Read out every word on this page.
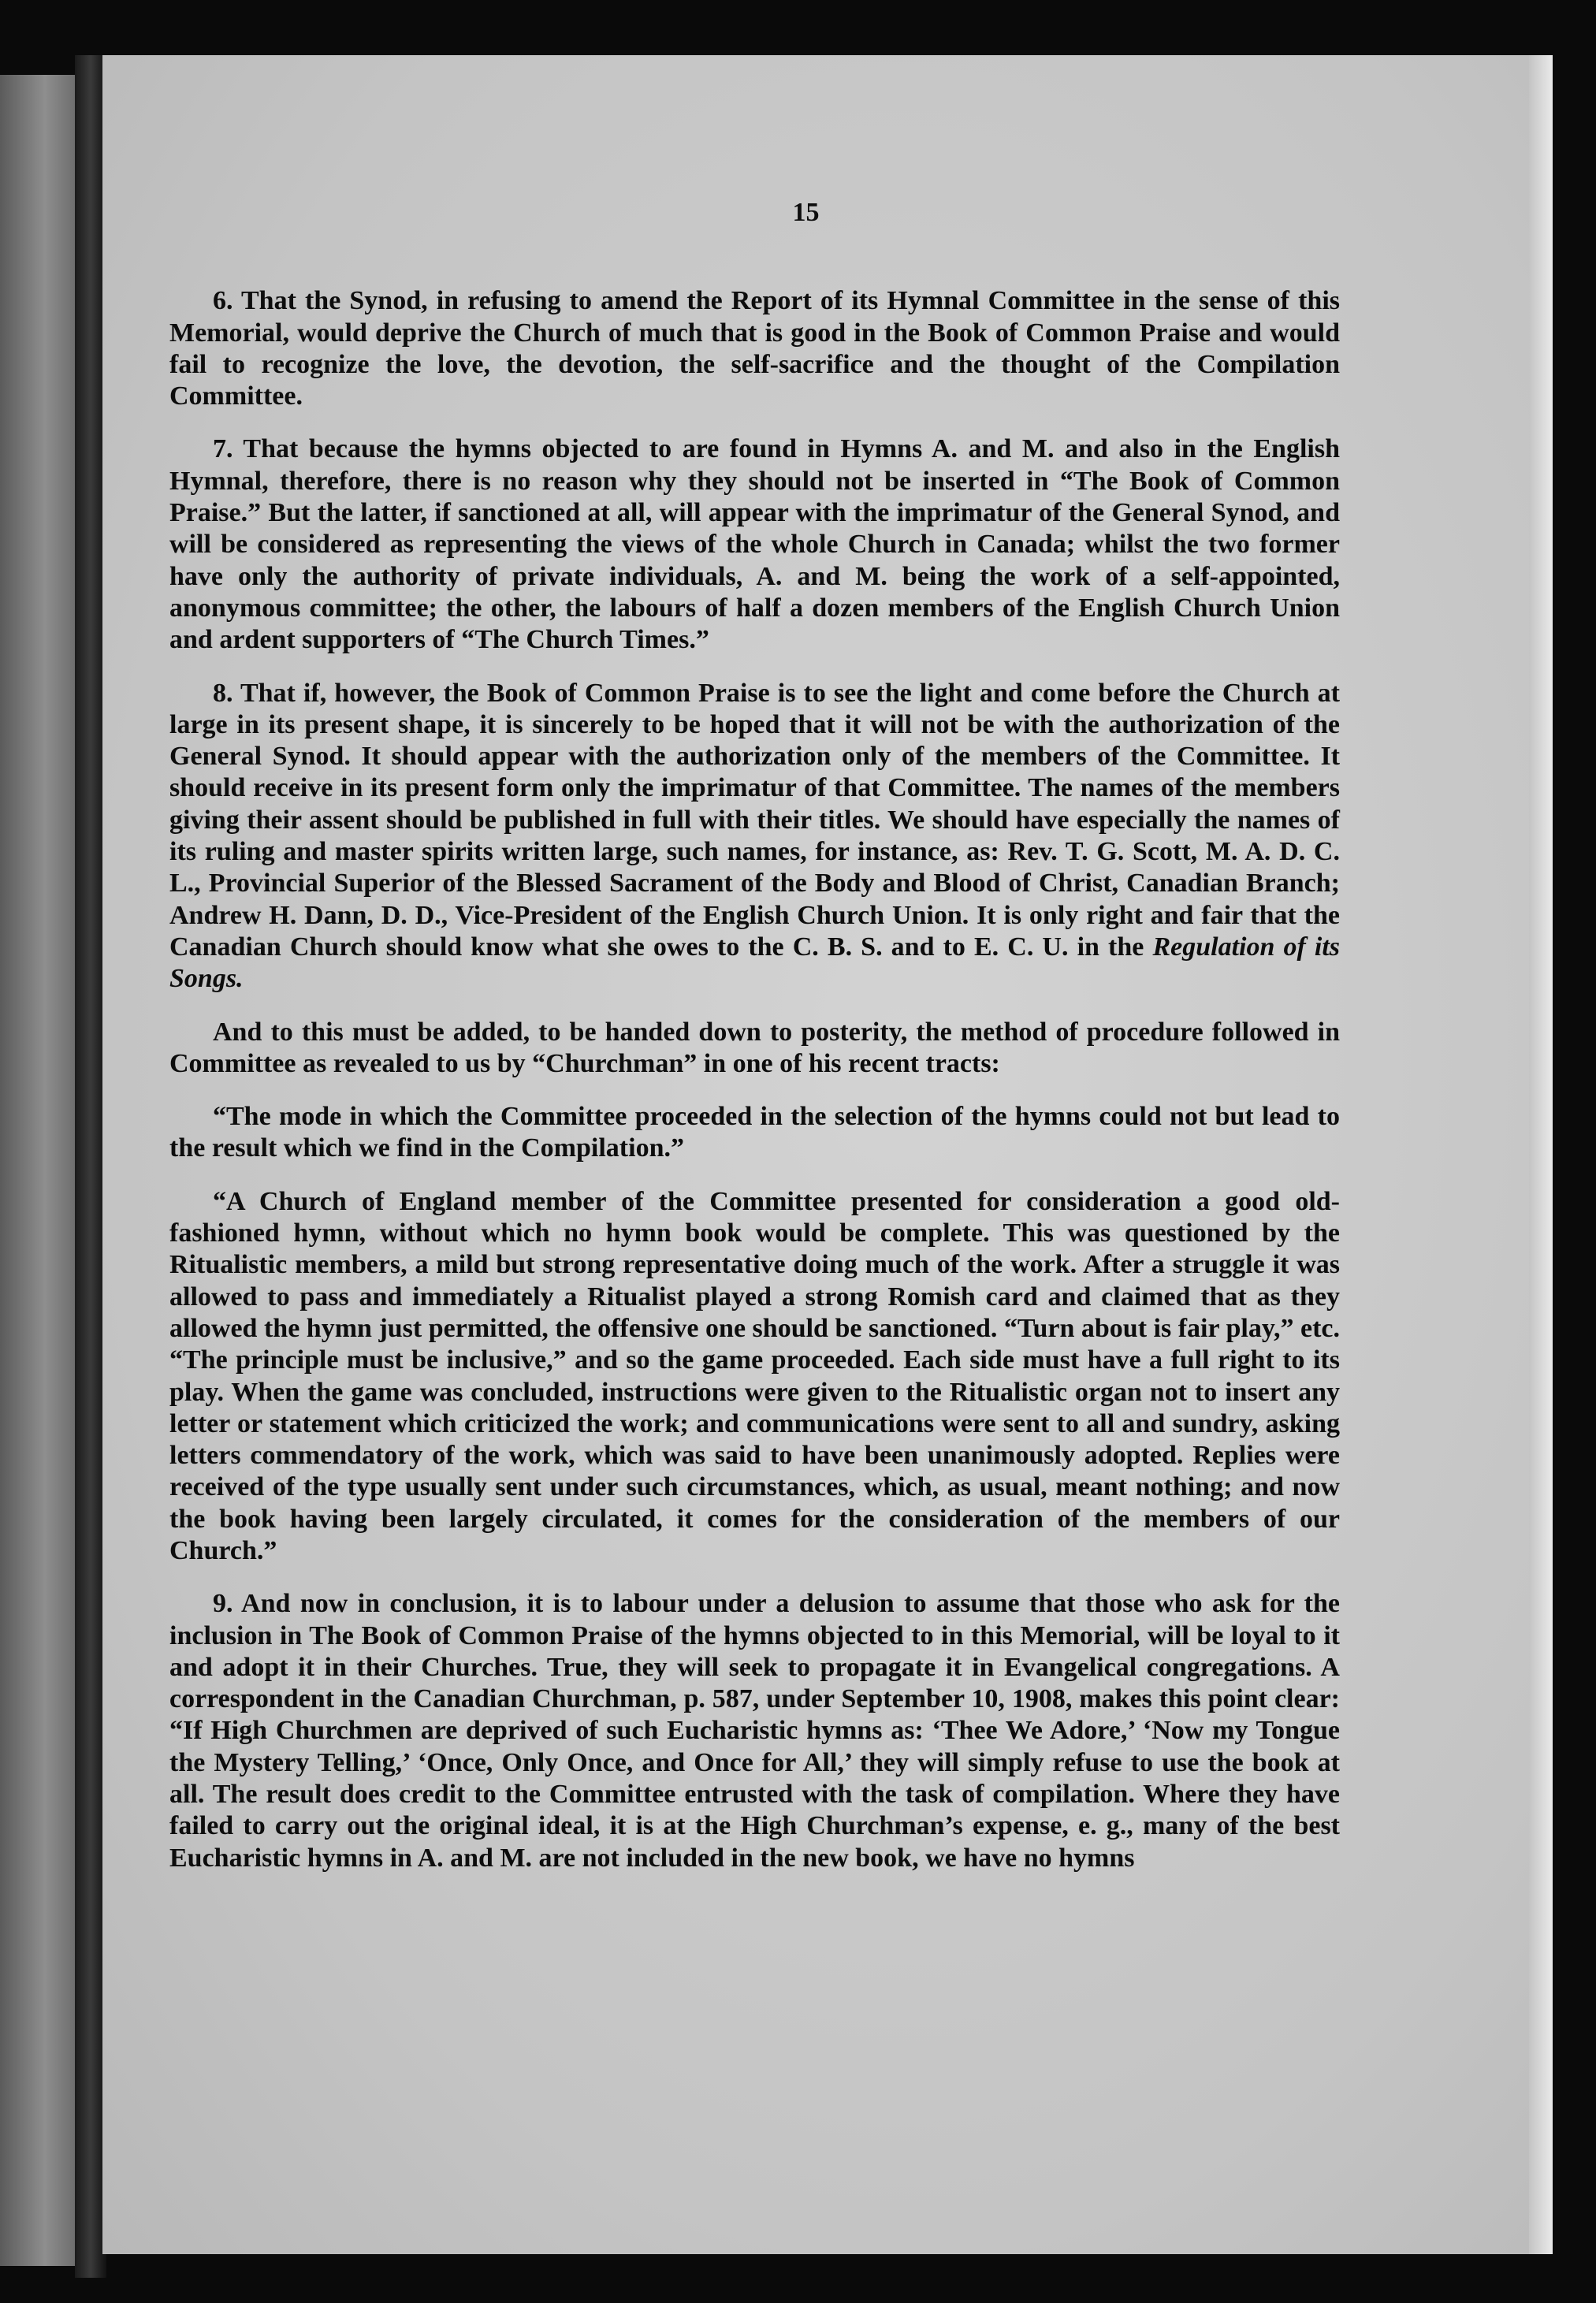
15

6. That the Synod, in refusing to amend the Report of its Hymnal Committee in the sense of this Memorial, would deprive the Church of much that is good in the Book of Common Praise and would fail to recognize the love, the devotion, the self-sacrifice and the thought of the Compilation Committee.

7. That because the hymns objected to are found in Hymns A. and M. and also in the English Hymnal, therefore, there is no reason why they should not be inserted in “The Book of Common Praise.” But the latter, if sanctioned at all, will appear with the imprimatur of the General Synod, and will be considered as representing the views of the whole Church in Canada; whilst the two former have only the authority of private individuals, A. and M. being the work of a self-appointed, anonymous committee; the other, the labours of half a dozen members of the English Church Union and ardent supporters of “The Church Times.”

8. That if, however, the Book of Common Praise is to see the light and come before the Church at large in its present shape, it is sincerely to be hoped that it will not be with the authorization of the General Synod. It should appear with the authorization only of the members of the Committee. It should receive in its present form only the imprimatur of that Committee. The names of the members giving their assent should be published in full with their titles. We should have especially the names of its ruling and master spirits written large, such names, for instance, as: Rev. T. G. Scott, M. A. D. C. L., Provincial Superior of the Blessed Sacrament of the Body and Blood of Christ, Canadian Branch; Andrew H. Dann, D. D., Vice-President of the English Church Union. It is only right and fair that the Canadian Church should know what she owes to the C. B. S. and to E. C. U. in the Regulation of its Songs.

And to this must be added, to be handed down to posterity, the method of procedure followed in Committee as revealed to us by “Churchman” in one of his recent tracts:

“The mode in which the Committee proceeded in the selection of the hymns could not but lead to the result which we find in the Compilation.”

“A Church of England member of the Committee presented for consideration a good old-fashioned hymn, without which no hymn book would be complete. This was questioned by the Ritualistic members, a mild but strong representative doing much of the work. After a struggle it was allowed to pass and immediately a Ritualist played a strong Romish card and claimed that as they allowed the hymn just permitted, the offensive one should be sanctioned. “Turn about is fair play,” etc. “The principle must be inclusive,” and so the game proceeded. Each side must have a full right to its play. When the game was concluded, instructions were given to the Ritualistic organ not to insert any letter or statement which criticized the work; and communications were sent to all and sundry, asking letters commendatory of the work, which was said to have been unanimously adopted. Replies were received of the type usually sent under such circumstances, which, as usual, meant nothing; and now the book having been largely circulated, it comes for the consideration of the members of our Church.”

9. And now in conclusion, it is to labour under a delusion to assume that those who ask for the inclusion in The Book of Common Praise of the hymns objected to in this Memorial, will be loyal to it and adopt it in their Churches. True, they will seek to propagate it in Evangelical congregations. A correspondent in the Canadian Churchman, p. 587, under September 10, 1908, makes this point clear: “If High Churchmen are deprived of such Eucharistic hymns as: ‘Thee We Adore,’ ‘Now my Tongue the Mystery Telling,’ ‘Once, Only Once, and Once for All,’ they will simply refuse to use the book at all. The result does credit to the Committee entrusted with the task of compilation. Where they have failed to carry out the original ideal, it is at the High Churchman’s expense, e. g., many of the best Eucharistic hymns in A. and M. are not included in the new book, we have no hymns
